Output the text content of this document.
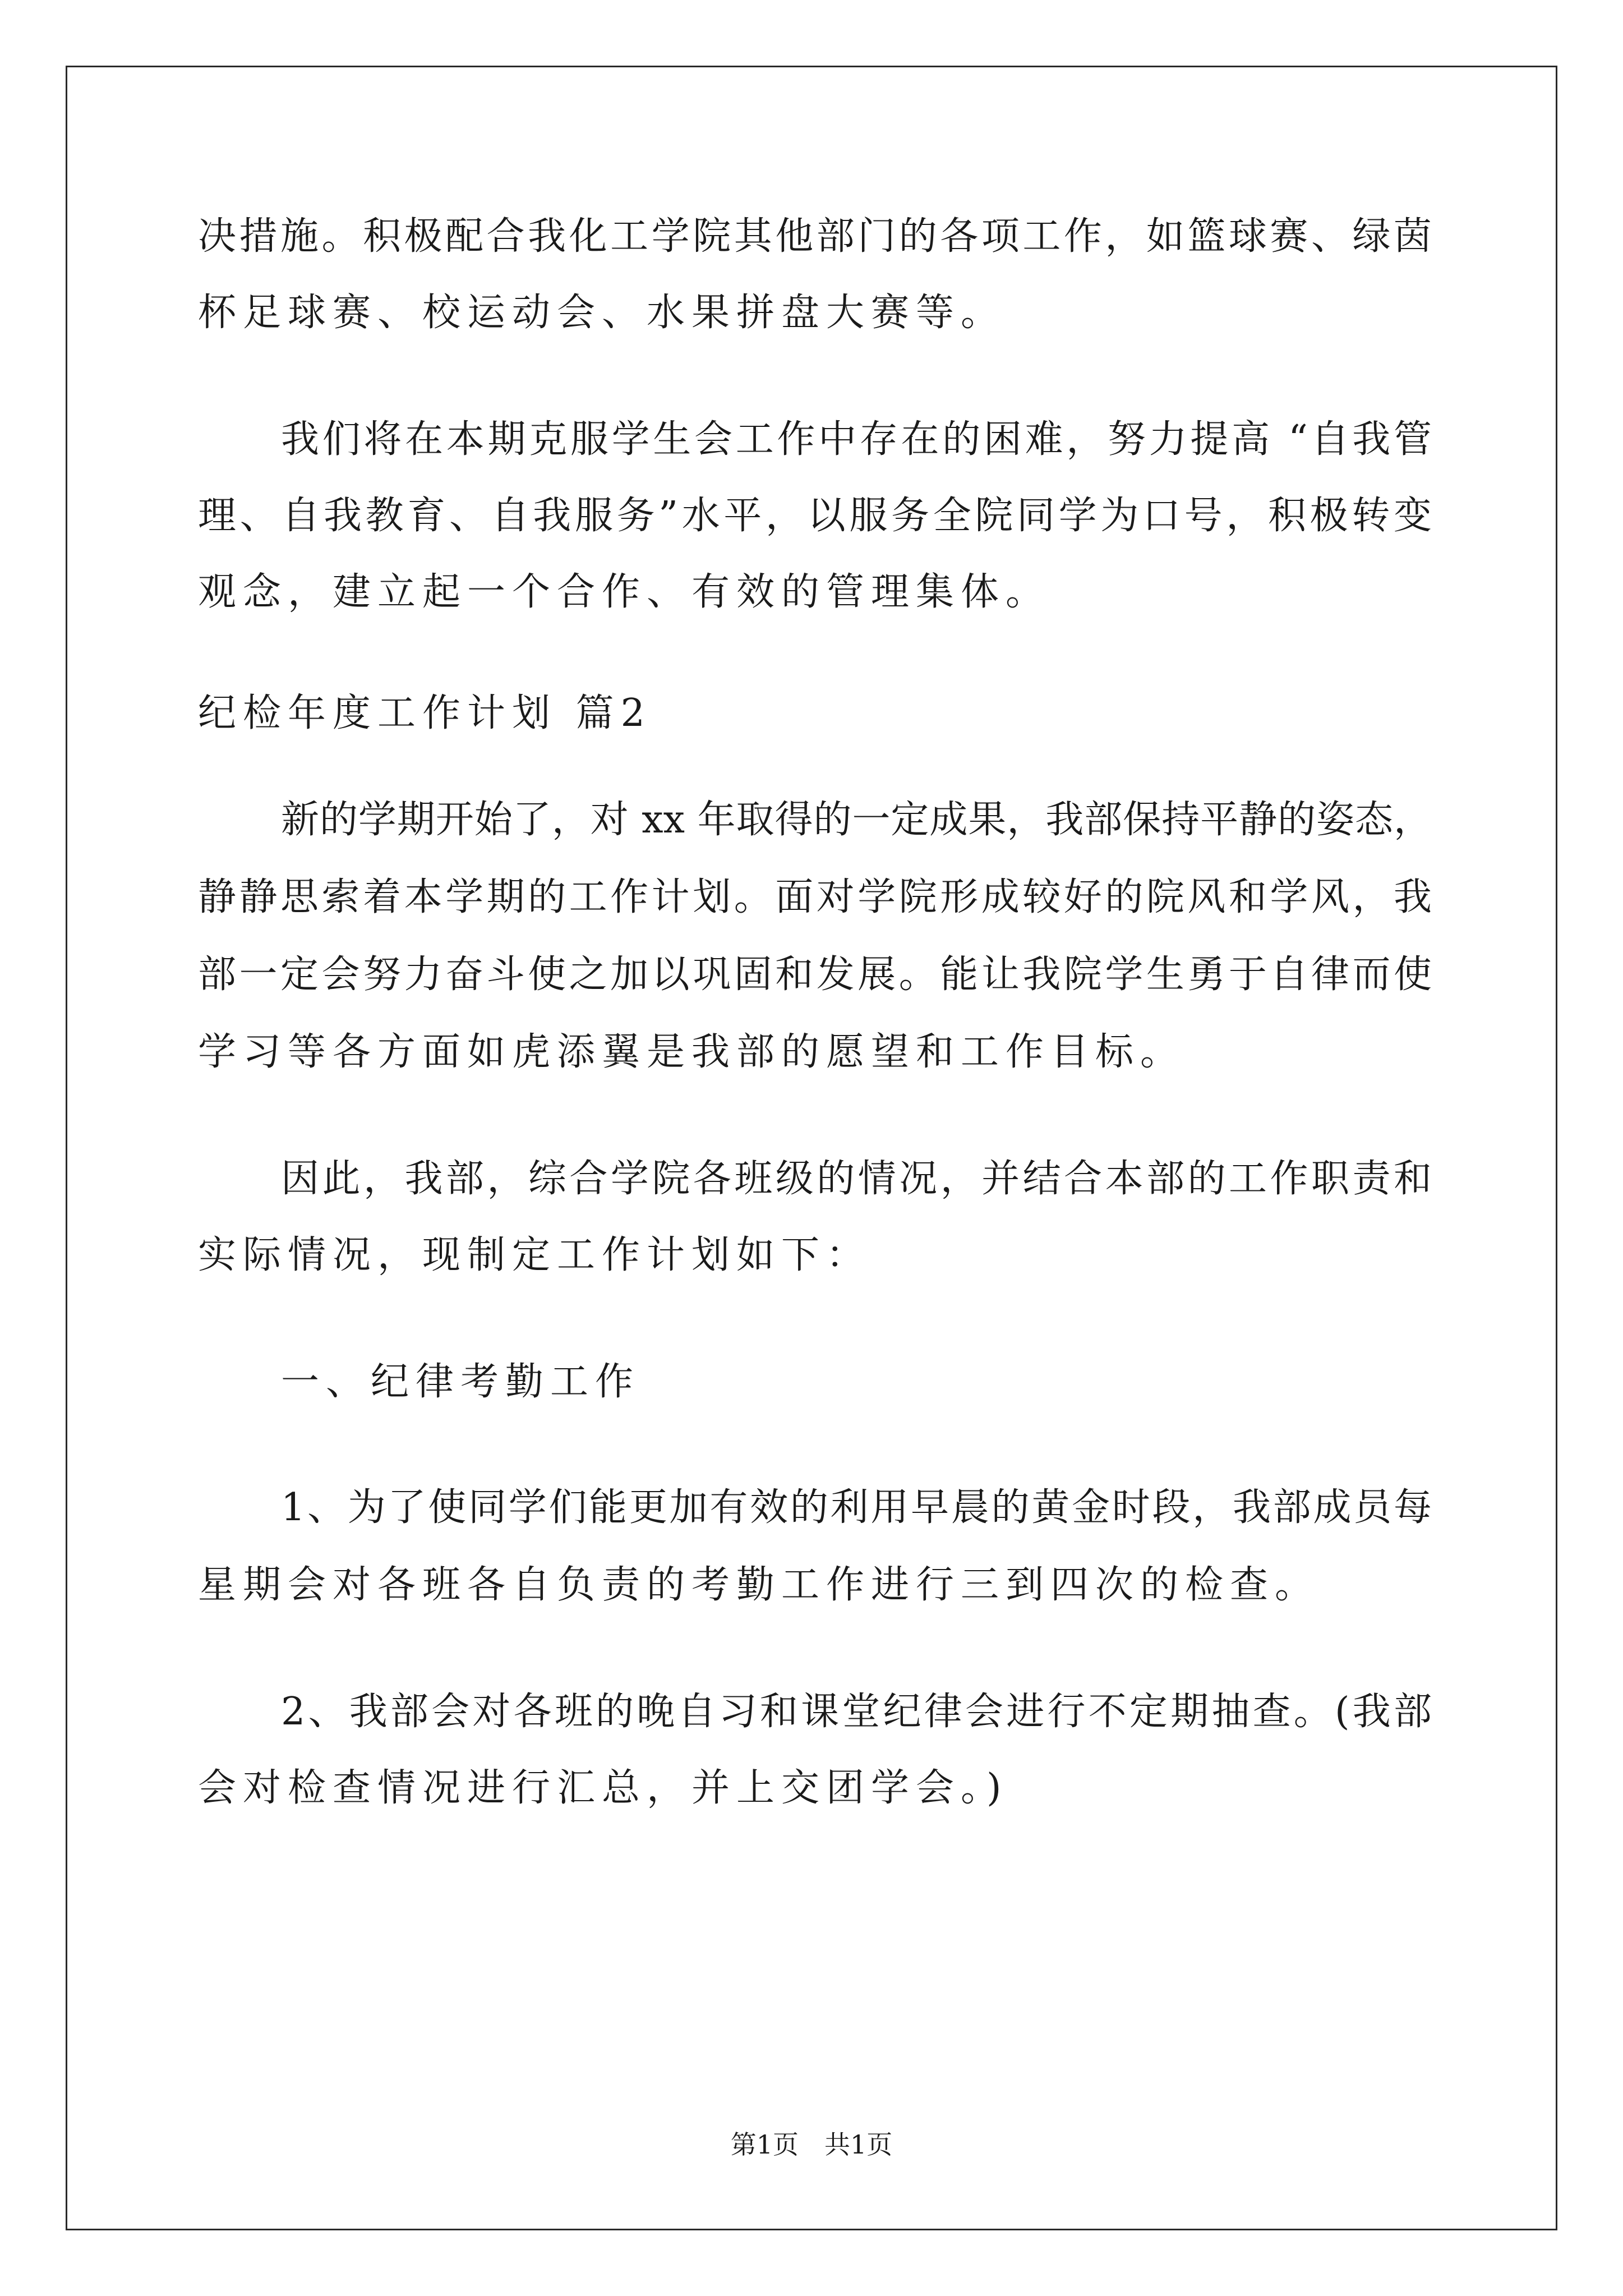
决措施。积极配合我化工学院其他部门的各项工作，如篮球赛、绿茵
杯足球赛、校运动会、水果拼盘大赛等。
我们将在本期克服学生会工作中存在的困难，努力提高 “自我管
理、自我教育、自我服务”水平，以服务全院同学为口号，积极转变
观念，建立起一个合作、有效的管理集体。
纪检年度工作计划 篇2
新的学期开始了，对 xx 年取得的一定成果，我部保持平静的姿态，
静静思索着本学期的工作计划。面对学院形成较好的院风和学风，我
部一定会努力奋斗使之加以巩固和发展。能让我院学生勇于自律而使
学习等各方面如虎添翼是我部的愿望和工作目标。
因此，我部，综合学院各班级的情况，并结合本部的工作职责和
实际情况，现制定工作计划如下：
一、纪律考勤工作
1、为了使同学们能更加有效的利用早晨的黄金时段，我部成员每
星期会对各班各自负责的考勤工作进行三到四次的检查。
2、我部会对各班的晚自习和课堂纪律会进行不定期抽查。(我部
会对检查情况进行汇总，并上交团学会。)
第1页　共1页
